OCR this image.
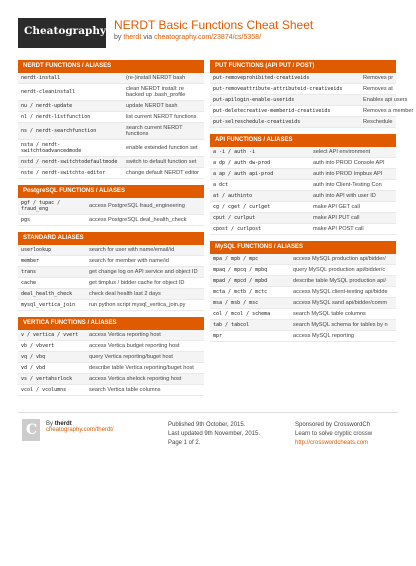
Cheatography NERDT Basic Functions Cheat Sheet
by therdt via cheatography.com/23874/cs/5358/
NERDT FUNCTIONS / ALIASES
nerdt-install	(re-)install NERDT bash
nerdt-cleaninstall	clean NERDT install: re backed up .bash_profile
nu / nerdt-update	update NERDT bash
nl / nerdt-listfunction	list current NERDT functions
ns / nerdt-searchfunction	search current NERDT functions
nsta / nerdt-switchtoadvancedmode	enable extended function set
nstd / nerdt-switchtodefaultmode	switch to default function set
nste / nerdt-switchto-editor	change default NERDT editor
PostgreSQL FUNCTIONS / ALIASES
pgf / tupac / fraud_eng	access PostgreSQL fraud_engineering
pgs	access PostgreSQL deal_health_check
STANDARD ALIASES
userlookup	search for user with name/email/id
member	search for member with name/id
trans	get change log on API service and object ID
cache	get timplus / bidder cache for object ID
deal_health_check	check deal health last 2 days
mysql_vertica_join	run python script mysql_vertica_join.py
VERTICA FUNCTIONS / ALIASES
v / vertica / vvert	access Vertica reporting host
vb / vbvert	access Vertica budget reporting host
vq / vbq	query Vertica reporting/buget host
vd / vbd	describe table Vertica reporting/buget host
vs / vertahsrlock	access Vertica shelock reporting host
vcol / vcolumns	search Vertica table columns
PUT FUNCTIONS (API PUT / POST)
put-removeprohibited-creativeids	Removes pr
put-removeattribute-attributeid-creativeids	Removes at
put-apilogin-enable-userids	Enables api users
put-deletecreative-memberid-creativeids	Removes a member
put-selreschedule-creativeids	Reschedule
API FUNCTIONS / ALIASES
a -i / auth -i	select API environment
a dp / auth dw-prod	auth into PROD Console API
a ap / auth api-prod	auth into PROD Impbus API
a dct	auth into Client-Testing Con
at / authinto	auth into API with user ID
cg / cget / curlget	make API GET call
cput / curlput	make API PUT call
cpost / curlpost	make API POST call
MySQL FUNCTIONS / ALIASES
mpa / mpb / mpc	access MySQL production api/bidder/
mpaq / mpcq / mpbq	query MySQL production api/bidder/c
mpad / mpcd / mpbd	describe table MySQL production api/
mcta / mctb / mctc	access MySQL client-testing api/bidde
msa / msb / msc	access MySQL sand api/bidder/comm
col / mcol / schema	search MySQL table columns
tab / tabcol	search MySQL schema for tables by n
mpr	access MySQL reporting
C By therdt
cheatography.com/therdt/
Published 9th October, 2015.
Last updated 9th November, 2015.
Page 1 of 2.
Sponsored by CrosswordCh
Learn to solve cryptic crossw
http://crosswordcheats.com
